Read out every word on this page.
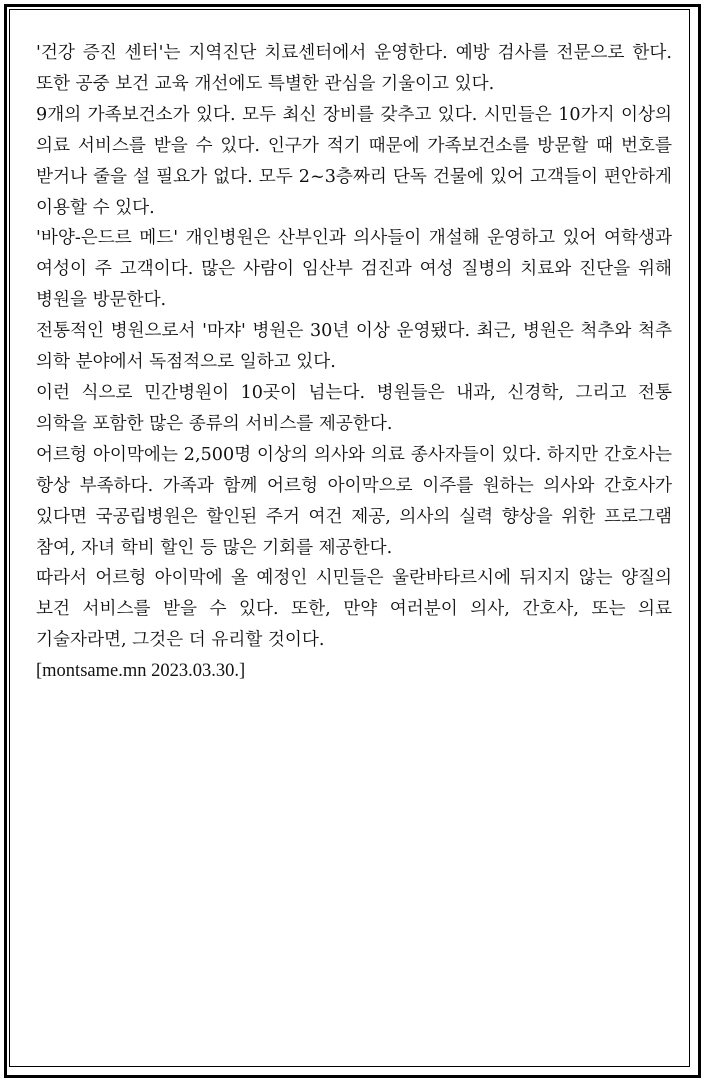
'건강 증진 센터'는 지역진단 치료센터에서 운영한다. 예방 검사를 전문으로 한다. 또한 공중 보건 교육 개선에도 특별한 관심을 기울이고 있다.

9개의 가족보건소가 있다. 모두 최신 장비를 갖추고 있다. 시민들은 10가지 이상의 의료 서비스를 받을 수 있다. 인구가 적기 때문에 가족보건소를 방문할 때 번호를 받거나 줄을 설 필요가 없다. 모두 2~3층짜리 단독 건물에 있어 고객들이 편안하게 이용할 수 있다.

'바양-은드르 메드' 개인병원은 산부인과 의사들이 개설해 운영하고 있어 여학생과 여성이 주 고객이다. 많은 사람이 임산부 검진과 여성 질병의 치료와 진단을 위해 병원을 방문한다.

전통적인 병원으로서 '마쟈' 병원은 30년 이상 운영됐다. 최근, 병원은 척추와 척추 의학 분야에서 독점적으로 일하고 있다.

이런 식으로 민간병원이 10곳이 넘는다. 병원들은 내과, 신경학, 그리고 전통 의학을 포함한 많은 종류의 서비스를 제공한다.

어르헝 아이막에는 2,500명 이상의 의사와 의료 종사자들이 있다. 하지만 간호사는 항상 부족하다. 가족과 함께 어르헝 아이막으로 이주를 원하는 의사와 간호사가 있다면 국공립병원은 할인된 주거 여건 제공, 의사의 실력 향상을 위한 프로그램 참여, 자녀 학비 할인 등 많은 기회를 제공한다.

따라서 어르헝 아이막에 올 예정인 시민들은 울란바타르시에 뒤지지 않는 양질의 보건 서비스를 받을 수 있다. 또한, 만약 여러분이 의사, 간호사, 또는 의료 기술자라면, 그것은 더 유리할 것이다.

[montsame.mn 2023.03.30.]
